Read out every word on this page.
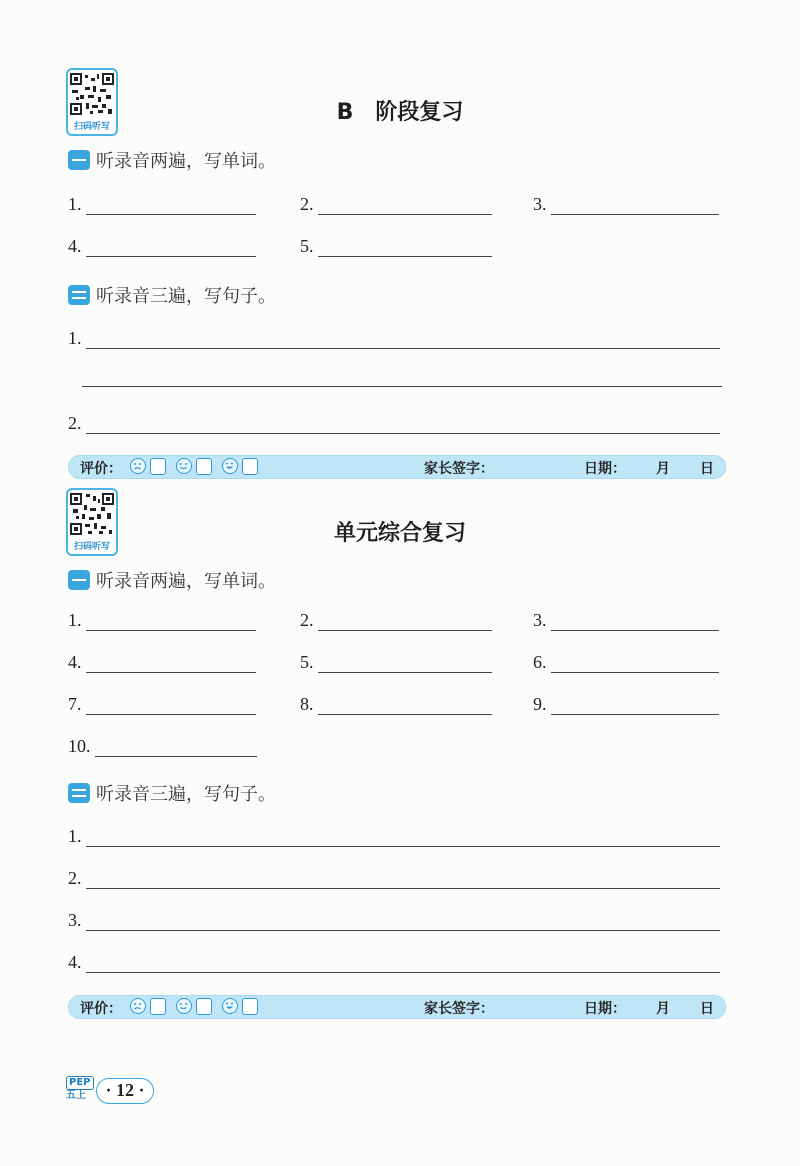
扫码听写
B　阶段复习
听录音两遍，写单词。
1.	2.	3.
4.	5.
听录音三遍，写句子。
1.
2.
评价：	家长签字：	日期： 月 日
扫码听写
单元综合复习
听录音两遍，写单词。
1.	2.	3.
4.	5.	6.
7.	8.	9.
10.
听录音三遍，写句子。
1.
2.
3.
4.
评价：	家长签字：	日期： 月 日
PEP
五上	· 12 ·
